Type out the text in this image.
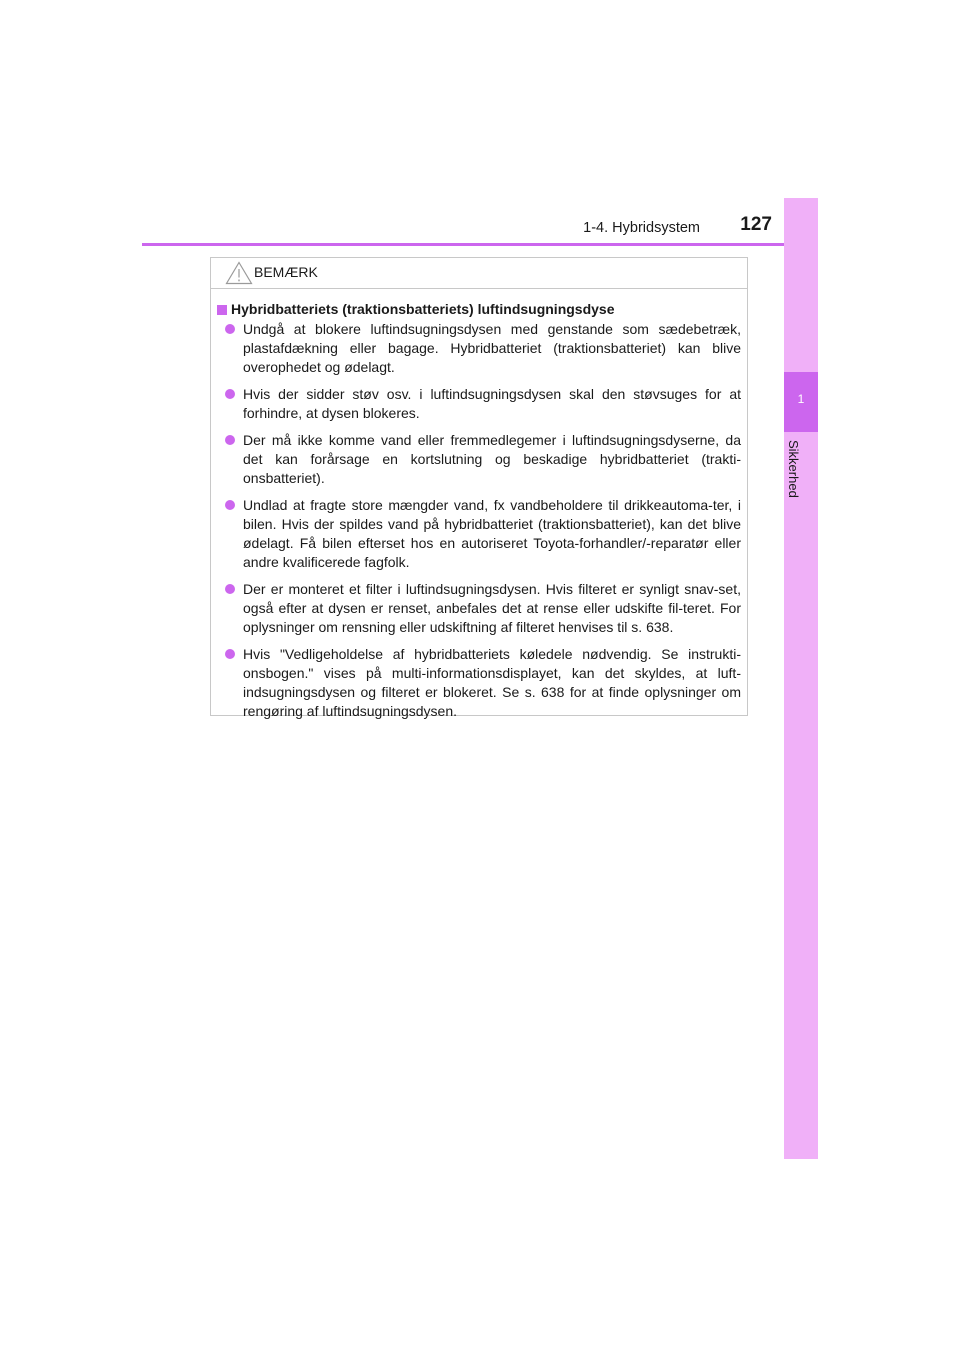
1-4. Hybridsystem	127
1
Sikkerhed
BEMÆRK
Hybridbatteriets (traktionsbatteriets) luftindsugningsdyse
Undgå at blokere luftindsugningsdysen med genstande som sædebetræk, plastafdækning eller bagage. Hybridbatteriet (traktionsbatteriet) kan blive overophedet og ødelagt.
Hvis der sidder støv osv. i luftindsugningsdysen skal den støvsuges for at forhindre, at dysen blokeres.
Der må ikke komme vand eller fremmedlegemer i luftindsugningsdyserne, da det kan forårsage en kortslutning og beskadige hybridbatteriet (trakti-onsbatteriet).
Undlad at fragte store mængder vand, fx vandbeholdere til drikkeautoma-ter, i bilen. Hvis der spildes vand på hybridbatteriet (traktionsbatteriet), kan det blive ødelagt. Få bilen efterset hos en autoriseret Toyota-forhandler/-reparatør eller andre kvalificerede fagfolk.
Der er monteret et filter i luftindsugningsdysen. Hvis filteret er synligt snav-set, også efter at dysen er renset, anbefales det at rense eller udskifte fil-teret. For oplysninger om rensning eller udskiftning af filteret henvises til s. 638.
Hvis "Vedligeholdelse af hybridbatteriets køledele nødvendig. Se instrukti-onsbogen." vises på multi-informationsdisplayet, kan det skyldes, at luft-indsugningsdysen og filteret er blokeret. Se s. 638 for at finde oplysninger om rengøring af luftindsugningsdysen.
